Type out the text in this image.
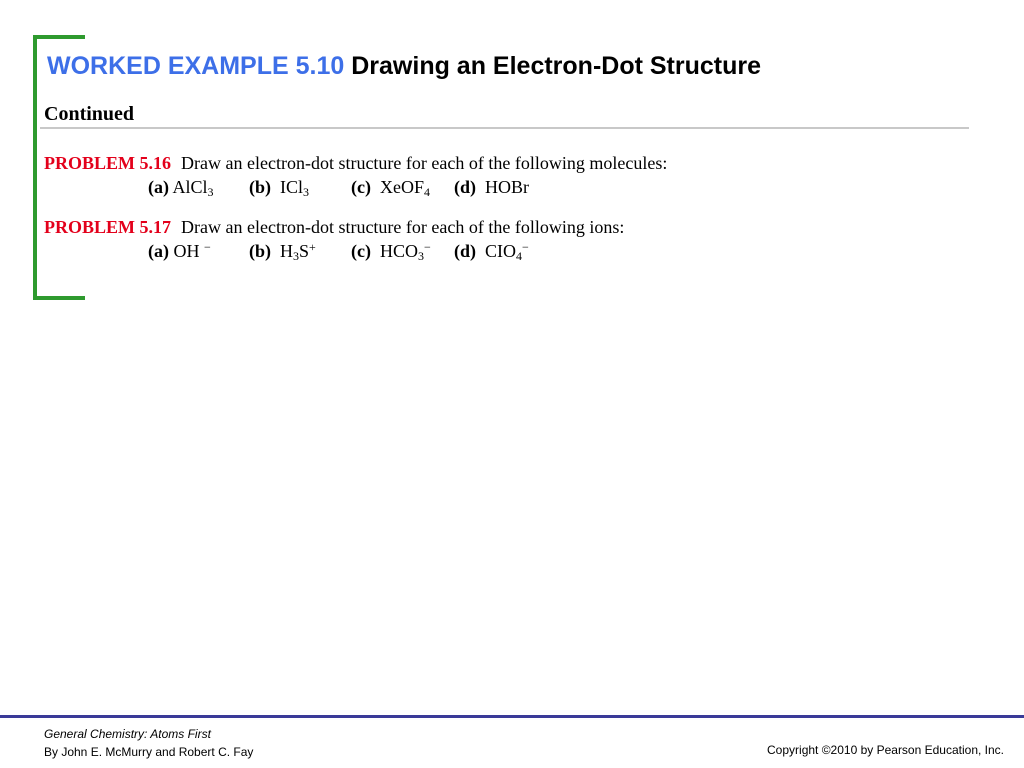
WORKED EXAMPLE 5.10 Drawing an Electron-Dot Structure

Continued

PROBLEM 5.16 Draw an electron-dot structure for each of the following molecules:

(a) AlCl$_3$ (b) ICl$_3$ (c) XeOF$_4$ (d) HOBr

PROBLEM 5.17 Draw an electron-dot structure for each of the following ions:

(a) OH − (b) $H_3S^+$ (c) $HCO_3^-$ (d) $CIO_4^-$
General Chemistry: Atoms First
By John E. McMurry and Robert C. Fay	Copyright ©2010 by Pearson Education, Inc.
